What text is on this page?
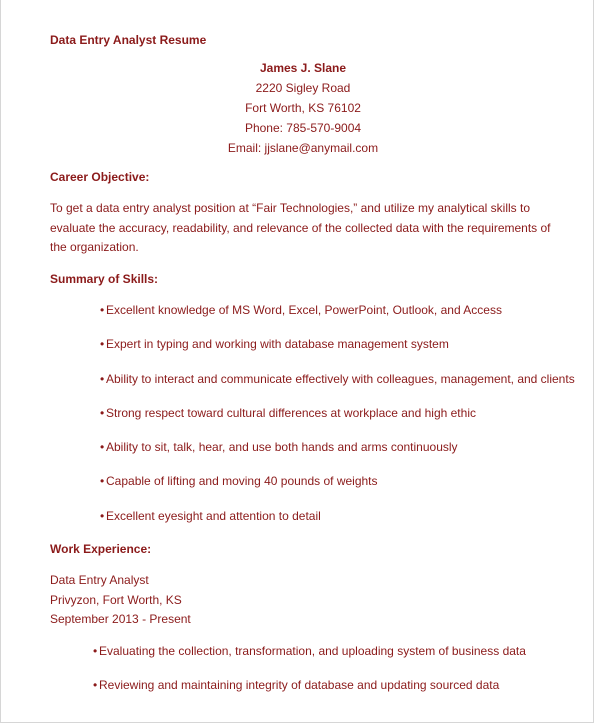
Data Entry Analyst Resume
James J. Slane
2220 Sigley Road
Fort Worth, KS 76102
Phone: 785-570-9004
Email: jjslane@anymail.com
Career Objective:
To get a data entry analyst position at “Fair Technologies,” and utilize my analytical skills to evaluate the accuracy, readability, and relevance of the collected data with the requirements of the organization.
Summary of Skills:
• Excellent knowledge of MS Word, Excel, PowerPoint, Outlook, and Access
• Expert in typing and working with database management system
• Ability to interact and communicate effectively with colleagues, management, and clients
• Strong respect toward cultural differences at workplace and high ethic
• Ability to sit, talk, hear, and use both hands and arms continuously
• Capable of lifting and moving 40 pounds of weights
• Excellent eyesight and attention to detail
Work Experience:
Data Entry Analyst
Privyzon, Fort Worth, KS
September 2013 - Present
• Evaluating the collection, transformation, and uploading system of business data
• Reviewing and maintaining integrity of database and updating sourced data
